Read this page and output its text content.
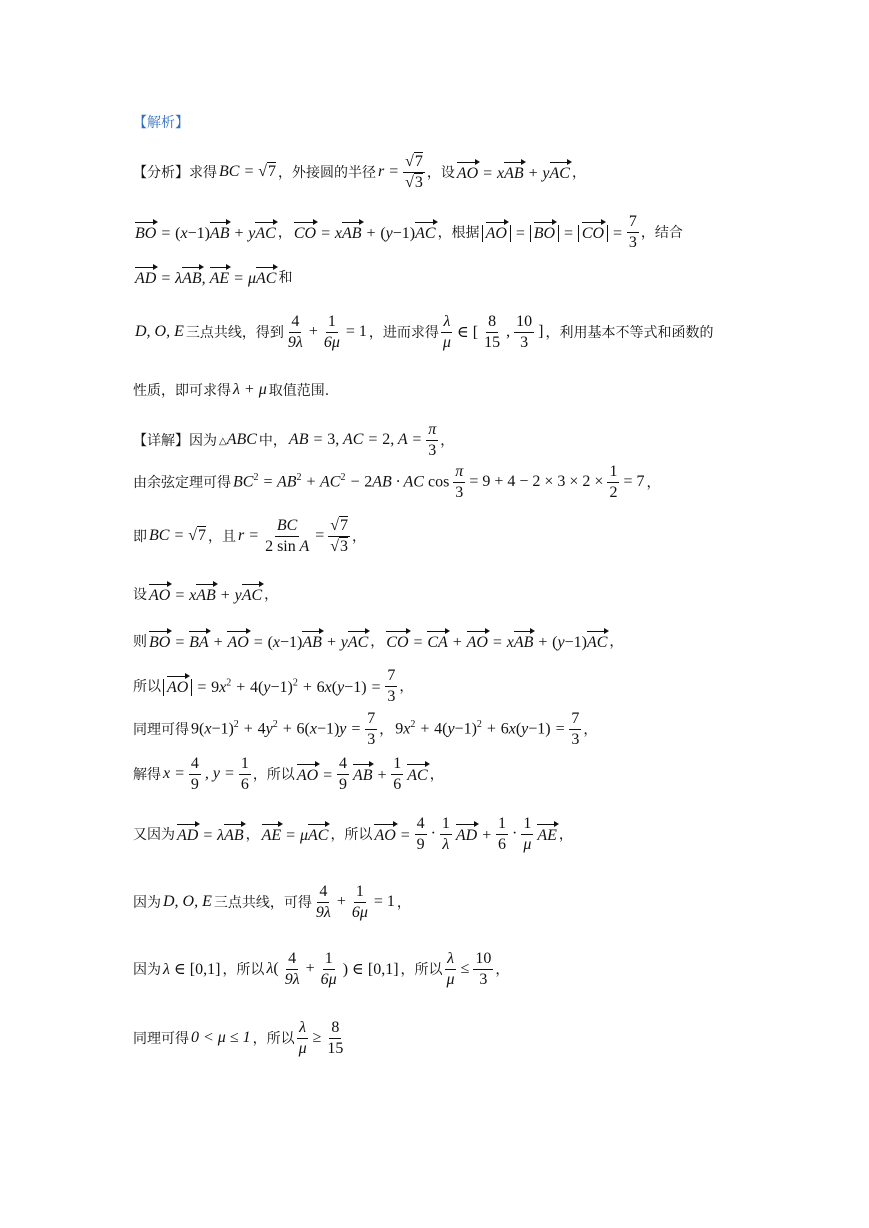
【解析】
【分析】 求得 BC = √7 ，外接圆的半径 $r = \frac{√7}{√3}$ ，设 AO = xAB + yAC ，
BO = (x−1)AB + yAC ， CO = xAB + (y−1)AC ，根据 AO = BO = CO = $\frac{7}{3}$ ，结合
AD = λAB, AE = μAC 和
D, O, E 三点共线，得到 $\frac{4}{9\lambda} + \frac{1}{6\mu} = 1$ ，进而求得 $\frac{\lambda}{\mu}$ ∈ [ $\frac{8}{15}$ , $\frac{10}{3}$ ] ，利用基本不等式和函数的
性质，即可求得 λ + μ 取值范围.
【详解】 因为 △ABC 中， AB = 3, AC = 2, $A = \frac{\pi}{3}$ ，
由余弦定理可得 $BC^2 = AB^2 + AC^2 - 2AB$ · AC $\cos \frac{\pi}{3} = 9 + 4 - 2 \times 3 \times 2 \times \frac{1}{2} = 7$ ，
即 BC = √7 ，且 $r = \frac{BC}{\text{2 sin A}} = \frac{√7}{√3}$ ，
设 AO = xAB + yAC ，
则 BO = BA + AO = (x−1)AB + yAC ， CO = CA + AO = xAB + (y−1)AC ，
所以 AO = $9x^2 + 4(y-1)^2 + 6x(y-1) = \frac{7}{3}$ ，
同理可得 $9(x-1)^2 + 4y^2 + 6(x-1)y = \frac{7}{3}$ ， $9x^2 + 4(y-1)^2 + 6x(y-1) = \frac{7}{3}$ ，
解得 $x = \frac{4}{9}$ , $y = \frac{1}{6}$ ，所以 AO = $\frac{4}{9}$ AB + $\frac{1}{6}$ AC ，
又因为 AD = λAB ， AE = μAC ，所以 AO = $\frac{4}{9} \cdot \frac{1}{\lambda}$ AD + $\frac{1}{6} \cdot \frac{1}{\mu}$ AE ，
因为 D, O, E 三点共线，可得 $\frac{4}{9\lambda} + \frac{1}{6\mu} = 1$ ，
因为 λ ∈ [0,1] ，所以 $\lambda( \frac{4}{9\lambda} + \frac{1}{6\mu}$ ) ∈ [0,1] ，所以 $\frac{\lambda}{\mu} \le \frac{10}{3}$ ，
同理可得 0 < μ ≤ 1 ，所以 $\frac{\lambda}{\mu} \ge \frac{8}{15}$
